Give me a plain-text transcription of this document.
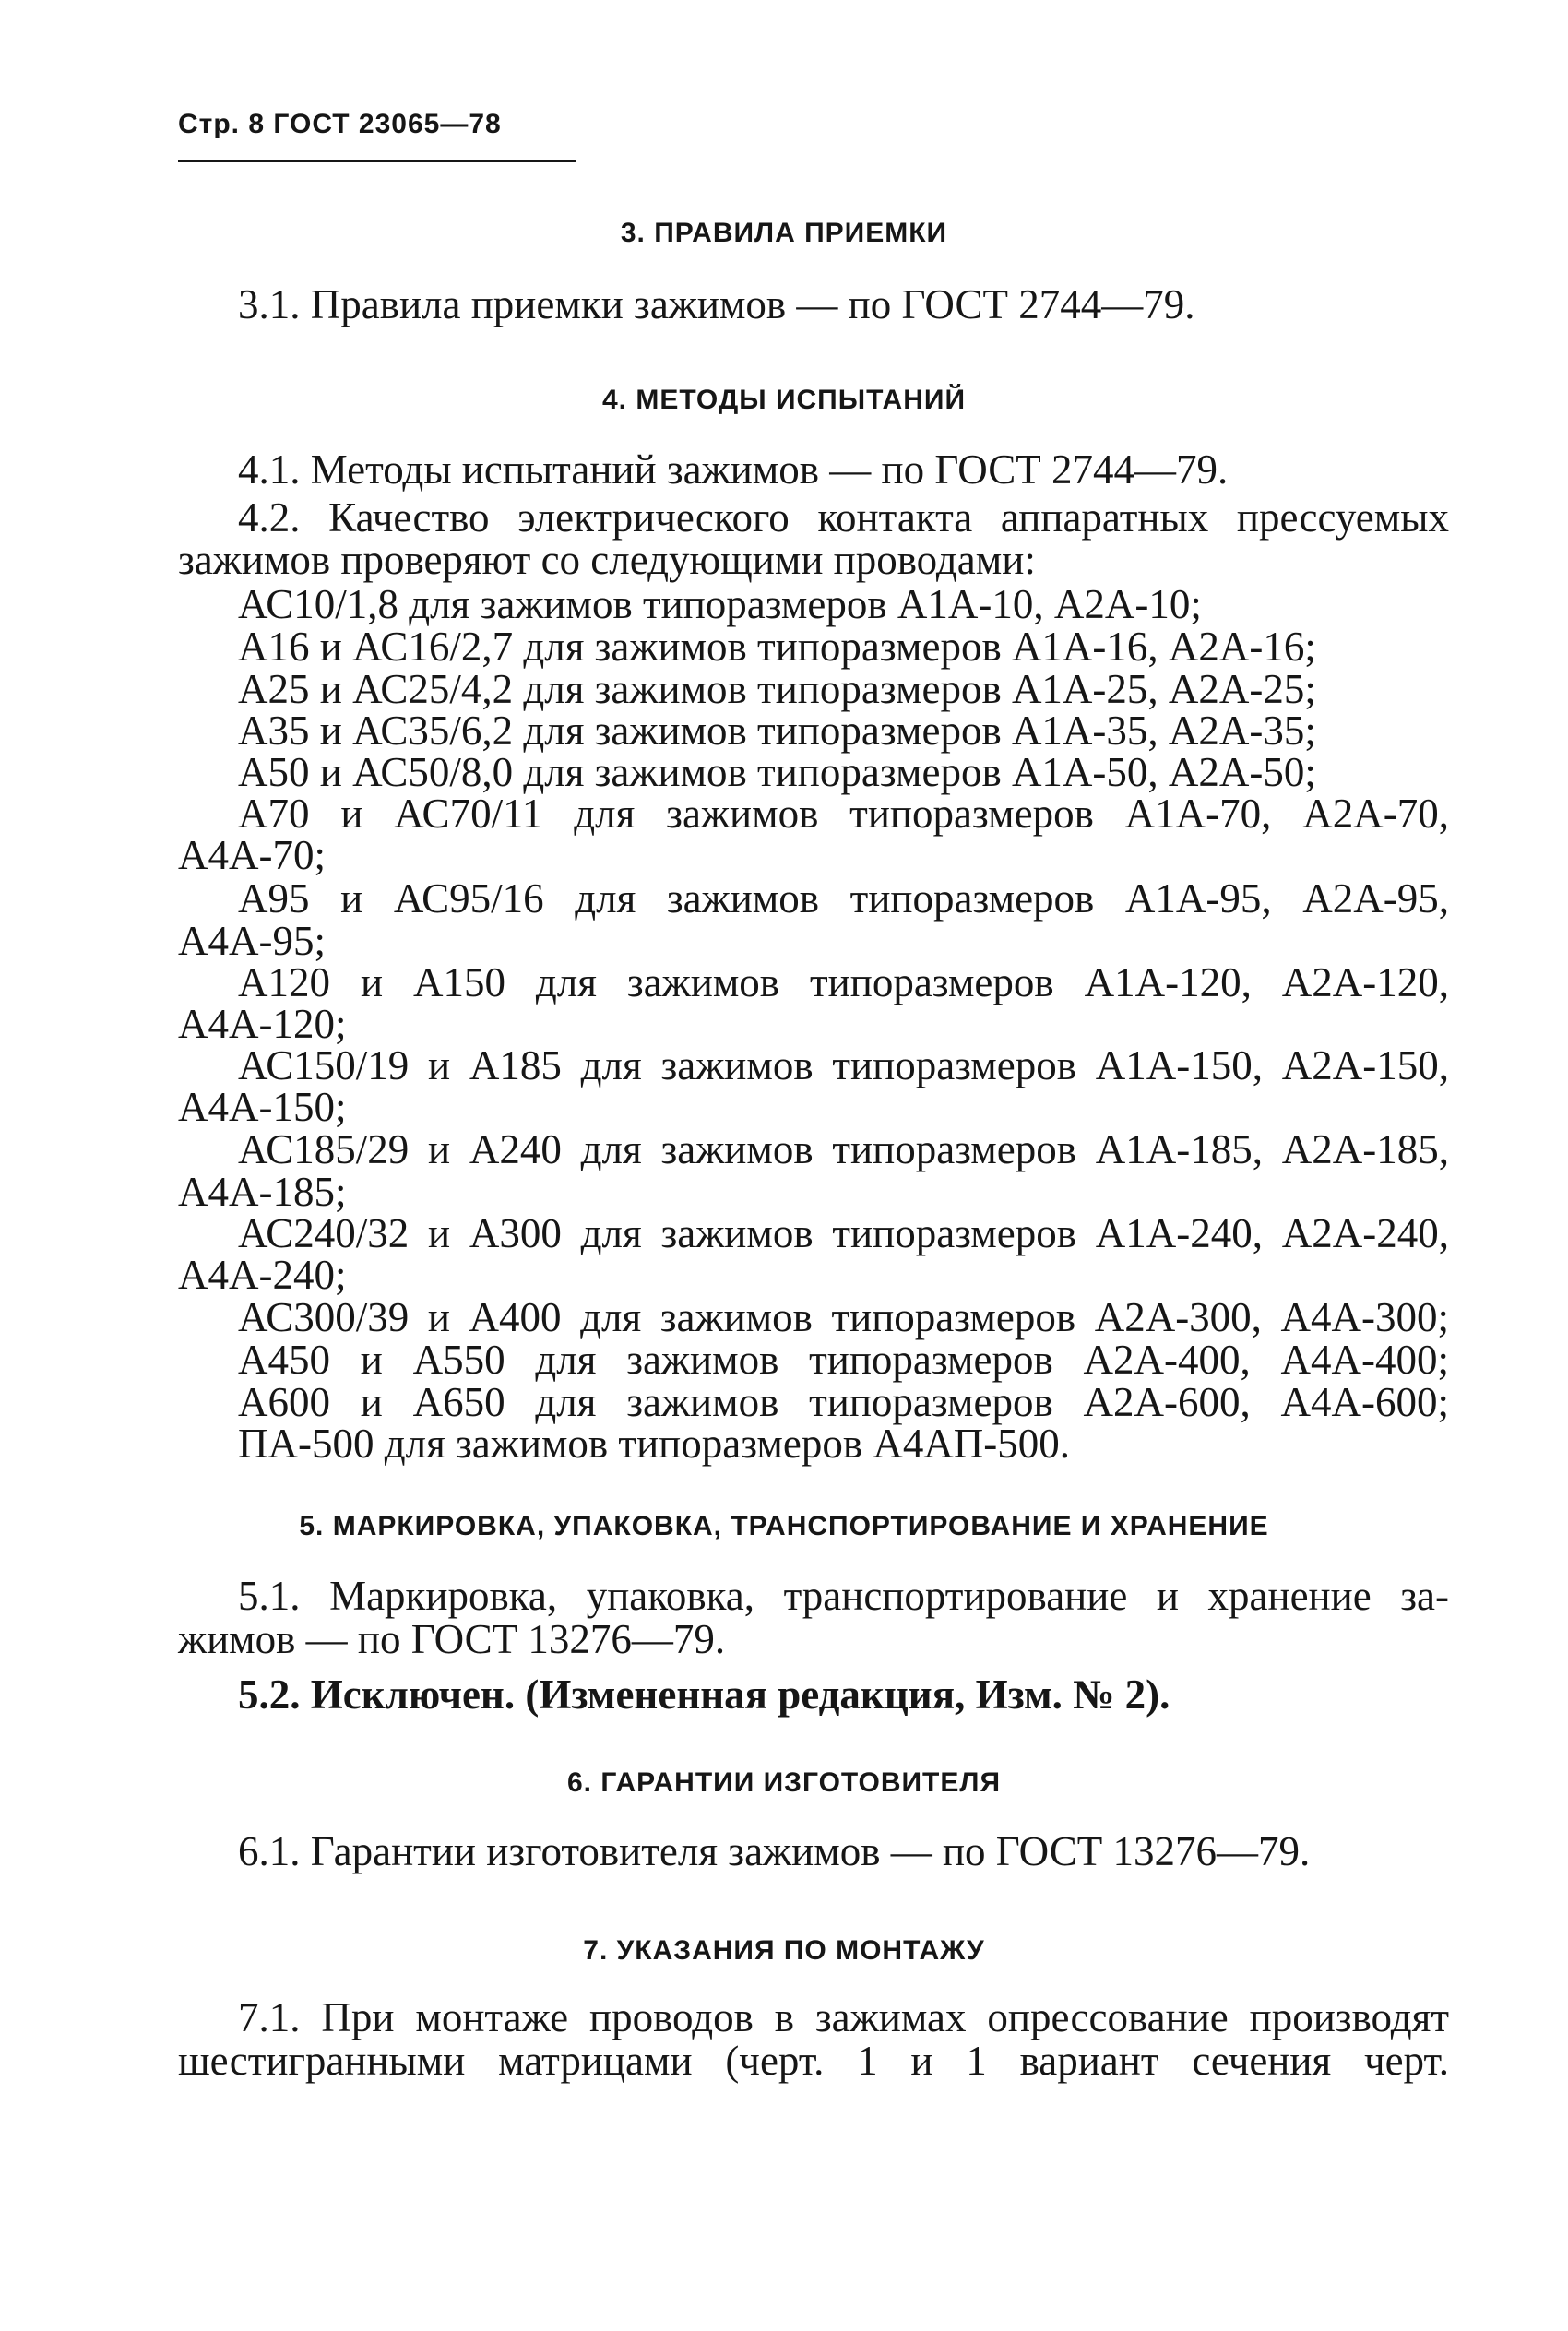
Стр. 8 ГОСТ 23065—78
3. ПРАВИЛА ПРИЕМКИ
3.1. Правила приемки зажимов — по ГОСТ 2744—79.
4. МЕТОДЫ ИСПЫТАНИЙ
4.1. Методы испытаний зажимов — по ГОСТ 2744—79.
4.2. Качество электрического контакта аппаратных прессуемых
зажимов проверяют со следующими проводами:
АС10/1,8 для зажимов типоразмеров А1А-10, А2А-10;
А16 и АС16/2,7 для зажимов типоразмеров А1А-16, А2А-16;
А25 и АС25/4,2 для зажимов типоразмеров А1А-25, А2А-25;
А35 и АС35/6,2 для зажимов типоразмеров А1А-35, А2А-35;
А50 и АС50/8,0 для зажимов типоразмеров А1А-50, А2А-50;
А70 и АС70/11 для зажимов типоразмеров А1А-70, А2А-70,
А4А-70;
А95 и АС95/16 для зажимов типоразмеров А1А-95, А2А-95,
А4А-95;
А120 и А150 для зажимов типоразмеров А1А-120, А2А-120,
А4А-120;
АС150/19 и А185 для зажимов типоразмеров А1А-150, А2А-150,
А4А-150;
АС185/29 и А240 для зажимов типоразмеров А1А-185, А2А-185,
А4А-185;
АС240/32 и А300 для зажимов типоразмеров А1А-240, А2А-240,
А4А-240;
АС300/39 и А400 для зажимов типоразмеров А2А-300, А4А-300;
А450 и А550 для зажимов типоразмеров А2А-400, А4А-400;
А600 и А650 для зажимов типоразмеров А2А-600, А4А-600;
ПА-500 для зажимов типоразмеров А4АП-500.
5. МАРКИРОВКА, УПАКОВКА, ТРАНСПОРТИРОВАНИЕ И ХРАНЕНИЕ
5.1. Маркировка, упаковка, транспортирование и хранение за-
жимов — по ГОСТ 13276—79.
5.2. Исключен. (Измененная редакция, Изм. № 2).
6. ГАРАНТИИ ИЗГОТОВИТЕЛЯ
6.1. Гарантии изготовителя зажимов — по ГОСТ 13276—79.
7. УКАЗАНИЯ ПО МОНТАЖУ
7.1. При монтаже проводов в зажимах опрессование производят
шестигранными матрицами (черт. 1 и 1 вариант сечения черт.
